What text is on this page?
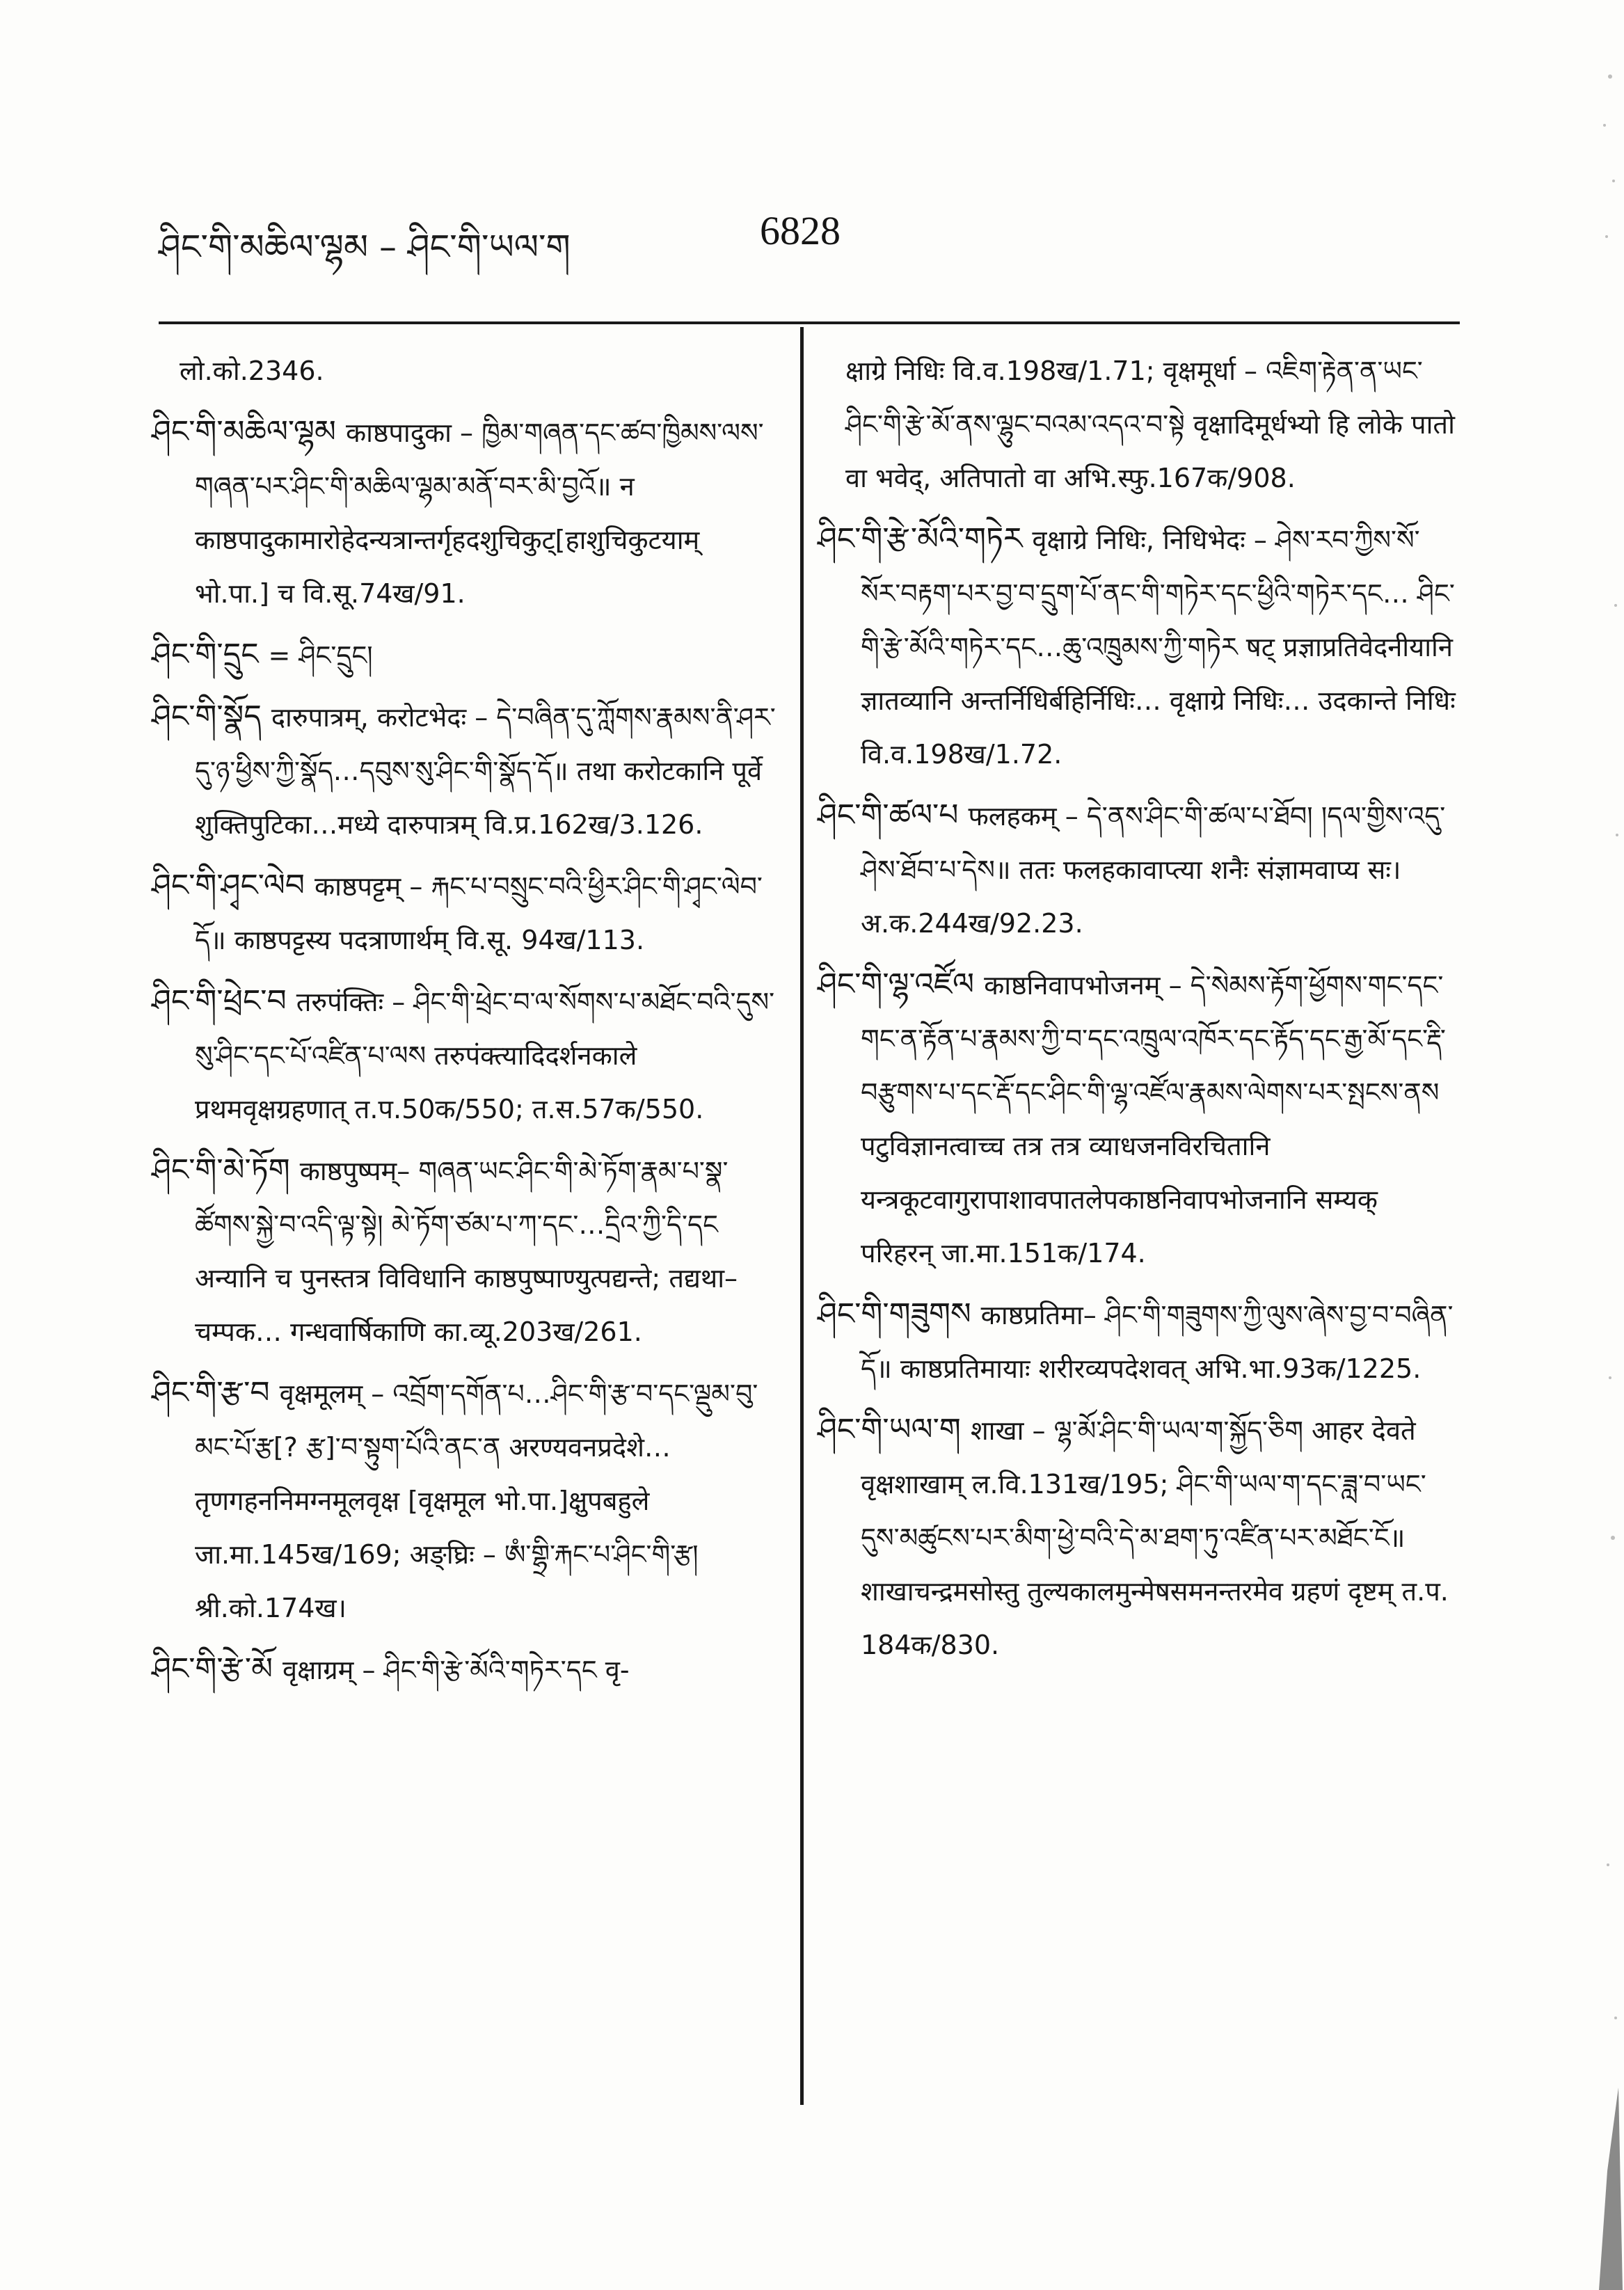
ཤིང་གི་མཆིལ་ལྷམ – ཤིང་གི་ཡལ་ག	6828

लो.को.2346.

ཤིང་གི་མཆིལ་ལྷམ काष्ठपादुका – ཁྱིམ་གཞན་དང་ཚབ་ཁྱིམས་ལས་གཞན་པར་ཤིང་གི་མཆིལ་ལྷམ་མནོ་བར་མི་བྱའོ॥ न काष्ठपादुकामारोहेदन्यत्रान्तर्गृहदशुचिकुट्[हाशुचिकुटयाम् भो.पा.] च वि.सू.74ख/91.

ཤིང་གི་དྲུང = ཤིང་དྲུང།

ཤིང་གི་སྣོད दारुपात्रम्, करोटभेदः – དེ་བཞིན་དུ་ཀློགས་རྣམས་ནི་ཤར་དུ་ཉ་ཕྱིས་ཀྱི་སྣོད…དབུས་སུ་ཤིང་གི་སྣོད་དོ॥ तथा करोटकानि पूर्वे शुक्तिपुटिका…मध्ये दारुपात्रम् वि.प्र.162ख/3.126.

ཤིང་གི་ཤྭང་ལེབ काष्ठपट्टम् – རྐང་པ་བསྲུང་བའི་ཕྱིར་ཤིང་གི་ཤྭང་ལེབ་དོ॥ काष्ठपट्टस्य पदत्राणार्थम् वि.सू. 94ख/113.

ཤིང་གི་ཕྲེང་བ तरुपंक्तिः – ཤིང་གི་ཕྲེང་བ་ལ་སོགས་པ་མཐོང་བའི་དུས་སུ་ཤིང་དང་པོ་འཛིན་པ་ལས तरुपंक्त्यादिदर्शनकाले प्रथमवृक्षग्रहणात् त.प.50क/550; त.स.57क/550.

ཤིང་གི་མེ་ཏོག काष्ठपुष्पम्– གཞན་ཡང་ཤིང་གི་མེ་ཏོག་རྣམ་པ་སྣ་ཚོགས་སྐྱེ་བ་འདི་ལྟ་སྟེ། མེ་ཏོག་ཙམ་པ་ཀ་དང་…དྲིའ་ཀྱི་དི་དང अन्यानि च पुनस्तत्र विविधानि काष्ठपुष्पाण्युत्पद्यन्ते; तद्यथा–चम्पक… गन्धवार्षिकाणि का.व्यू.203ख/261.

ཤིང་གི་རྩ་བ वृक्षमूलम् – འབྲོག་དགོན་པ…ཤིང་གི་རྩ་བ་དང་ལྡུམ་བུ་མང་པོ་རྩ[? རྩ]་བ་སྟུག་པོའི་ནང་ན अरण्यवनप्रदेशे… तृणगहननिमग्नमूलवृक्ष [वृक्षमूल भो.पा.]क्षुपबहुले जा.मा.145ख/169; अङ्घ्रिः – ཨཾ་གྷྲི་རྐང་པ་ཤིང་གི་རྩ། श्री.को.174ख।

ཤིང་གི་རྩེ་མོ वृक्षाग्रम् – ཤིང་གི་རྩེ་མོའི་གཏེར་དང वृ-

क्षाग्रे निधिः वि.व.198ख/1.71; वृक्षमूर्धा – འཇིག་རྟེན་ན་ཡང་ཤིང་གི་རྩེ་མོ་ནས་ལྷུང་བའམ་འདའ་བ་སྟེ वृक्षादिमूर्धभ्यो हि लोके पातो वा भवेद्, अतिपातो वा अभि.स्फु.167क/908.

ཤིང་གི་རྩེ་མོའི་གཏེར वृक्षाग्रे निधिः, निधिभेदः – ཤེས་རབ་ཀྱིས་སོ་སོར་བརྟག་པར་བྱ་བ་དྲུག་པོ་ནང་གི་གཏེར་དང་ཕྱིའི་གཏེར་དང… ཤིང་གི་རྩེ་མོའི་གཏེར་དང…ཆུ་འཁྲུམས་ཀྱི་གཏེར षट् प्रज्ञाप्रतिवेदनीयानि ज्ञातव्यानि अन्तर्निधिर्बहिर्निधिः… वृक्षाग्रे निधिः… उदकान्ते निधिः वि.व.198ख/1.72.

ཤིང་གི་ཚལ་པ फलहकम् – དེ་ནས་ཤིང་གི་ཚལ་པ་ཐོབ། །དལ་གྱིས་འདུ་ཤེས་ཐོབ་པ་དེས॥ ततः फलहकावाप्त्या शनैः संज्ञामवाप्य सः। अ.क.244ख/92.23.

ཤིང་གི་ལྷ་འཛོལ काष्ठनिवापभोजनम् – དེ་སེམས་རྟོག་ཕྱོགས་གང་དང་གང་ན་རྟོན་པ་རྣམས་ཀྱི་བ་དང་འཁྲུལ་འཁོར་དང་རྟོད་དང་རྒྱ་མོ་དང་རྡི་བརྩུགས་པ་དང་རྡོ་དང་ཤིང་གི་ལྷ་འཛོལ་རྣམས་ལེགས་པར་སྤངས་ནས पटुविज्ञानत्वाच्च तत्र तत्र व्याधजनविरचितानि यन्त्रकूटवागुरापाशावपातलेपकाष्ठनिवापभोजनानि सम्यक् परिहरन् जा.मा.151क/174.

ཤིང་གི་གཟུགས काष्ठप्रतिमा– ཤིང་གི་གཟུགས་ཀྱི་ལུས་ཞེས་བྱ་བ་བཞིན་དོ॥ काष्ठप्रतिमायाः शरीरव्यपदेशवत् अभि.भा.93क/1225.

ཤིང་གི་ཡལ་ག शाखा – ལྷ་མོ་ཤིང་གི་ཡལ་ག་སྐྱོད་ཅིག आहर देवते वृक्षशाखाम् ल.वि.131ख/195; ཤིང་གི་ཡལ་ག་དང་ཟླ་བ་ཡང་དུས་མཚུངས་པར་མིག་ཕྱེ་བའི་དེ་མ་ཐག་ཏུ་འཛིན་པར་མཐོང་ངོ॥ शाखाचन्द्रमसोस्तु तुल्यकालमुन्मेषसमनन्तरमेव ग्रहणं दृष्टम् त.प. 184क/830.
